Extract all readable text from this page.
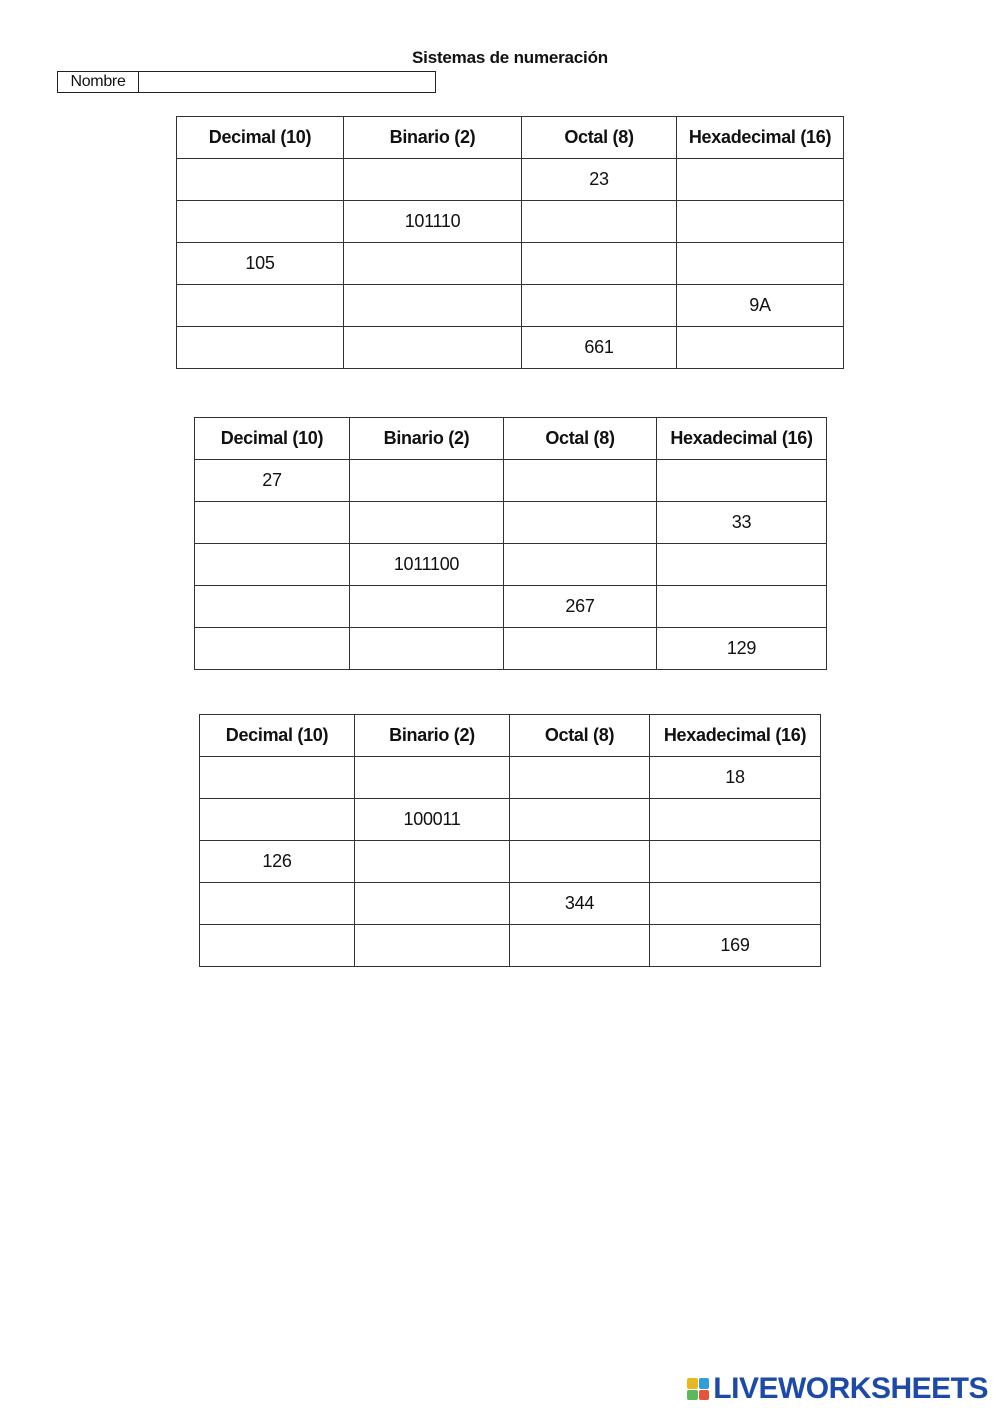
Sistemas de numeración
Nombre
Decimal (10)	Binario (2)	Octal (8)	Hexadecimal (16)
		23	
	101110		
105			
			9A
		661	
Decimal (10)	Binario (2)	Octal (8)	Hexadecimal (16)
27			
			33
	1011100		
		267	
			129
Decimal (10)	Binario (2)	Octal (8)	Hexadecimal (16)
			18
	100011		
126			
		344	
			169
LIVEWORKSHEETS
